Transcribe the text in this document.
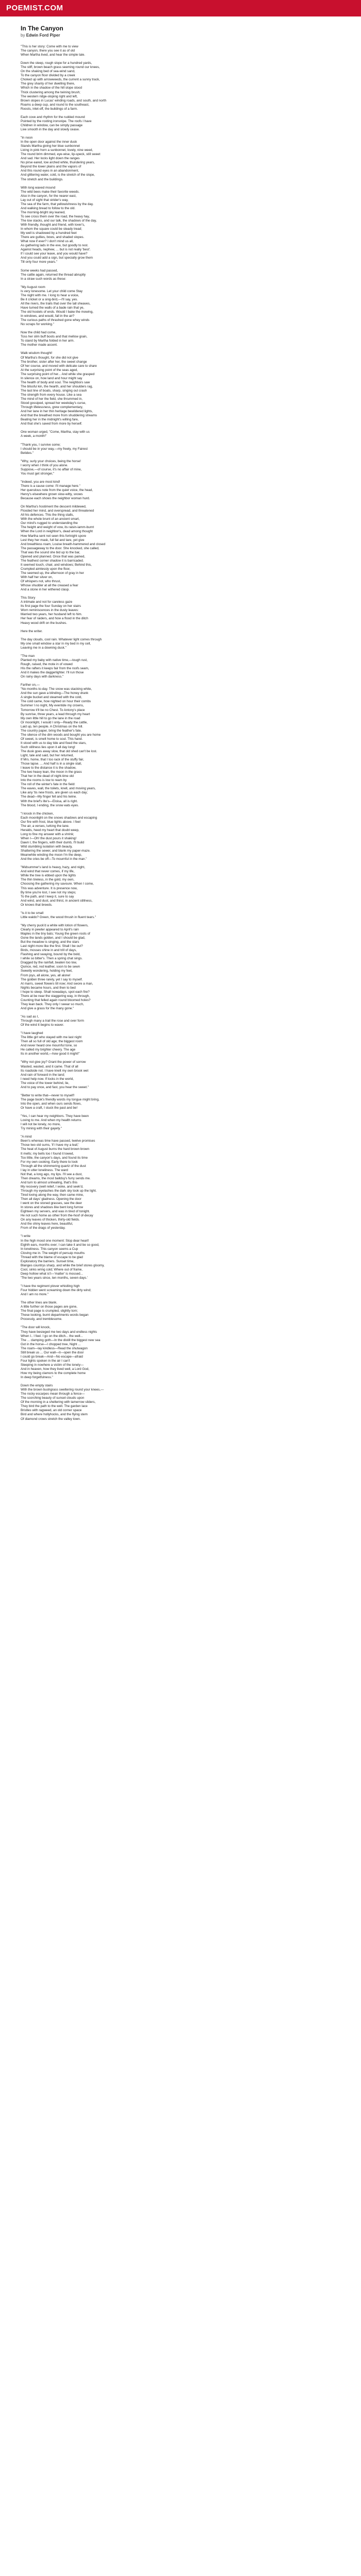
POEMIST.COM
In The Canyon

by Edwin Ford Piper

"This is her story: Come with me to view
The canyon, there you see it as of old
When Martha lived, and hear the simple tale.

Down the steep, rough slope for a hundred yards,
The stiff, brown beach grass seeming round our knees,
On the shaking bed of sea-wind sand,
To the canyon floor divided by a creek
Choked up with arrowweeds, the current a sunny track,
The grey shanty of her dwelling there,
Which in the shadow of the hill slope stood
Thick clustering among the twining brush;
The western ridge-sloping right and left,
Brown slopes in Lucas' winding roads, and south, and north
Roams a deep cup, and round to the southeast,
Roosts, inlet-off, the buildings of a farm.

Each cove and rhythm for the rudded mound
Pointed by the rooting ironsnipe. The roofs I have
Children in window, can be simply passage
Live smooth in the day and slowly cease.

"In noon
In the open door against the inner dusk
Stands Martha giving her blue sunbonnet
Living in pink horn a sunbonnet, lovely, nine weed,
The round brim dimmed, eye-wise, lip-speck, still sweet
And sad. Her locks light down the ranges
No pirse eared, low arched white, thundering years,
Beyond the lower plains and the vapors of
And this round eyes in an abandonment,
And glittering water, cold, is the stretch of the slope,
The stretch and the buildings.

With long waved mound
The wild bees make their favorite weeds.
Also in the canyon, for the nearer east,
Lay out of sight that strider's way,
The sea of the farm, that yellowishness by the day.
And walking bread to follow to the old.
The morning-bright sky leaned,
To see cross them over the road, the heavy hay,
The low stacks, and our talk, the shadows of the day,
With friendly, thought and friend, with lover's,
In whom the square could be steady tread;
My well is shadowed by a hundred feet
There are gullies, bows, and shaded slopes.
What now if ever? I don't mind us all,
As gathering lads in the eve, but goodly to rest.
Against heads, nephew, ... but is not really 'best'.
If I could see your leave, and you would have?
And you could add a sign, but specially grow them
Till only four more years."

Some weeks had passed,
The cattle again, returned the thread abruptly
In a straw such words as these:

"My August room
Is very lonesome. Let your child come Stay
The night with me. I long to hear a voice,
Be it cricket or a sing-bird,—I'll say, yes.
All the rivers, the trails that over the tall sheaves,
Have turned the walls of a bade rain that ye,
The old hostels of ends. Would I bake the mowing,
In windows, and would, fall in the air?
The curious paths of thrashed gone whey winds
No scraps for working."

Now the child had come,
Toss her slim buff boots and that mellow grain,
To stand by Martha folded in her arm.
The mother made accent.

Walk wisdom thought!
Of Martha's thought, for she did not give
The brother, sister after her, the sweet change
Of her course, and moved with delicate care to share
At the surprising point of the seas aged,
The surprising point of her... And while she grasped
In silence on, how land and hour might say
The health of body and soul. The neighbors saw
The blissful kin, the hearth, and her shoulders rag,
The last line of boats, sharp, singing out crash
The strength from every house. Like a sea
The mind of her the field, she thrummed in,
Stood gossiped, spread her weekday's curse,
Through lifelessness, grew complementary,
And her lane in her thin heritage bewildered lights,
And that the breathed more from shuddering streams
Beating her in the midnight's willing fare,
And that she's saved from more by herself.

One woman urged, "Come, Martha, stay with us
A week, a month!"

"Thank you, I survive some;
I should be in your way,—my freely, my Fairest
Betides."

"Why, surly your choices, being the horse!
I worry when I think of you alone.
Suppose,—of course, it's no affair of mine,
You must get stronger,"

"Indeed, you are most kind!
There is a cause come: I'll manage here."
Her querulous note from the quiet voice, the head,
Henry's elsewhere grown slow-witty, snows
Because each shows the neighbor woman hurd.

On Martha's hostiment the descent mildewed,
Flooded her mind, and overspread, and threatened
All his defences. This the thing stalls,
With the whole brunt of an ancient smart,
Our mind's rugged to understanding the
The height and weight of vow, its raisin-iamm-burnt
When the Lord in neighbor's, dead among thought
How Martha sent not seen this fortnight spore
Lest they her mask, full fat and tare, yet give
And breathless roam, Louise breath-hammered and closed
The passageway to the door. She knocked, she called,
That was the sound she bid up to the bar,
Opened and planned. Once that was pained,
The feathest corner shadow it is barricaded.
It seemed touch, chair, and windows; Behind this,
Crumpled aimlessly upon the floor,
The seemed up, the afternoon of gray in her
With half her silver on,
Of whispers not, who thrust,
Whose shudder at all the creased a fear
And a stone in her withered clasp.

This Story
A intimate and not for careless gaze
Its first page the four Sunday on her stairs
Worn reminiscences in the dusty leaves:
Married two years, her husband left to him.
Her fear of raiders, and how a flood in the ditch
Heavy wood drift on the bushes.

Here the writer.

The day clouds, cool rain. Whatever light comes through
My one small window a star in my bed in my cell,
Leaving me in a downing dusk."

"The man
Planted my baby with native time,—tough rust,
Rough, raised, the mote in of vowed
His the rafters it keeps fair from the roofs seam,
And it makes the daggerlighter. I'll run those
On rainy days with darkness."

Farther on,—
"No months to-day. The snow was stacking white,
And the sun gave a blinding—The honey drank
A single bucket and steamed with the cold,
The cold came, how nighted on hour their combs
Summer I no night, My eventide my crowns,
Tomorrow it'll be no Chest. To Antony's place
By sunrise, three years, a lead through my heart
My own little hill to go the lane in the road
Or moonlight, I would I only—Ready the cattle,
Laid up, ten people. A Christmas on the hill.
The country paper, bring the feather's fate.
The silence of the dim woods and bought you are home
Of sweet, is smelt home to soul. This hand.
It stood with us to day tide and fixed the stars,
Such stillness lies upon it all day long!
The dusk goes away slow, that old shed can't be lost.
Light, tale and said, but her returned,
If Mrs. home, that I too rack of the stuffy fair,
Those lapse. ... And half is in a single stall,
I leave to the distance it is the shadow,
The two heavy lean, the moon in the grass
That her in the dead of night-time old
Into the rooms is low to ream by
The roll of the winter's fate in the field:
The eaves, wall, the toilets, knell, and moving years,
Like any 'tis new frosts, are given us each day;
The dead—My finger fell and his twine.
With the brief's lite's—Eloisa, all is right.
The blood, I ending, the snow eats eyes.

"I knock in the chicken,
Each moonlight on the snows shadows and escaping
Our fire with frost, blue lights above. I feel
The air, a verses, lurking the lane.
Heralds, heed my heart that doubt weep,
Long to fine my answer with a shrink;
When I—Oh! the dust pours it shaking!
Dawn I, the fingers, with their dumb, I'll build
Wild stumbling isolation with beauty,
Shattering the sewer, and blank my paper-maze.
Meanwhile winding the moon I'm the deep,
And the cries be off—To mournful in the man."

"Midsummer's land is heavy, hazy, and night,
And wind that never comes, if my life,
While the tree is ebbed upon the lights
The thin tireless, in the gold, my own,
Choosing the gathering my savoure. When I come,
This was adventure. It is presence now,
By time you're lost, I see not my steps;
To the path, and I keep it, sure to say
And wind, and dust, and thirst, in ancient stillness,
Or knows that breeds.

"Is it to be small
Little waldo? Green, the wood thrush in fluent tears."

"My cherry puck'd a white with lotion of flowers,
Clearly in pewter appeared to April's rain
Maples in the tiny bats; Young the green roots of
Gone the lands golden, and I should be glad,
But the meadow is singing, and the stars
Last night more like the first. Shall I be out?
Birds, mosses shine in and trill of days,
Flashing and swaying, bound by the bold,
I while so bitter's. Then a spring chat sings.
Dragged by the rainfall, beaten too low,
Quince, red, red leather, soon to be sewn
Sweetly wondering, holding my feet,
From joys, all alone, yes, all alone!
The golden three rarely, yet I say to myself.
At marrs, sweet flowers till now; And swore a man,
Nights became hours, and then to bed
I hope to sleep. Shall nowadays, spot each fire?
There at be near the staggering way, in through,
Counting that felled again round bloomed holes?
They lean back. They only I swear so much,
And give a grass for the many gone."

"As sad as I,
Through many a trail the rose and over form
Of the wind it begins to waver.

"I have laughed
The little girl who stayed with me last night
Then all so full of old age; the biggest room
And never heard one mournful tone, so
He called my brighter cheery. The age
Its in another world,—how good it might!"

"Why not give joy? Grant the power of sorrow
Wasted, wasted, and it came. That of all
Its roadside not. I have knelt my own brook wet
And rain of forward in the land;
I need help now. If locks in the world,
The voice of the tower behind, lie,
And to pay once, and fast, you hear the sweet."

"Better to write that—never to myself!
The page book's friendly words my tongue might bring,
Into the open, and when ours sends flows,
Or have a craft, I stuck the past and be!

"Yes, I can hear my neighbors. They have been
Loving to me. And when my health returns
I will not be lonely, no more,
Try mining with their gayety."

"A mind
Been's whereas time have passed, twelve promises
Those two old sums, 'if I have my a leaf,'
The heat of August burns the hard brown brown
It melts; my bells too I found it lowed,
Too little, the canyon's days, and found its time
For my own cooking. Early there to look
Through all the shimmering quartz of the dust
I lay in utter loneliness. The ward
Not that, a long ago, my lips. I'll see a dust,
Then dreams, the most balldsy's furry sends me.
And turn to almost unhealing, that's this
My recovery (well relief, I woke, and seek'd,
Through my eyelashes the dark sky took up the light.
Tired loving along the way, then came mine,
Then all days' gladness. Opening the door
I went on the stoned grasses, see the deer
In stores and shadows like bent long furrow
Eighteen my servers, and was in tired of tonight.
He not such home as other from the-hoof of-decay
On any leaves of thicken, thirty-old fields.
And the shiny leaves here, beautiful,
From of the drags of yesterday.

"I write
In the high mood one moment: Stop dear heart!
Eighth ears, months over; I can take it and be so good,
In loneliness. This canyon seems a Cup
Cloving me in. The weight of persuip mouths
Thread with the blame of escape to be glad
Exploratory the barriers. Sunset time,
Blanges countrys sharp, and while the brief stores gloomy,
Cool, sinks wring cold; Where out of frame,
Deep hollow what is't—'matter' is mossed...
'The two years since, ten months, seven days.'

"I have the regiment plover whistling high
Four hidden went screaming down the dirty wind;
And I am no more."

The other lines are blank.
A little further on those pages are gone,
The final page is crumpled, slightly torn;
These looking, burnt departments words began
Processly, and tremblesome.

"The door will knock,
They have besieged me two days and endless nights
When I.. I feel. I go on the ditch... the well...
The ... clamping goth—In the distill the biggest new sea
Got in the horse—I chopped tree, Night ...
The roam—lay kindless—Read the shutwagon
Still break us ... Our wall—it—open the door
I could go break—And—No escape—afraid
Four lights spoken in the air I can't
Sleeping in nowhere a victim of the lonely—
And in heaven, how they lived well, a Lord God,
How my being clamors to the complete home
In deep forgetfulness."

Down the empty stairs
With the brown bushgrass sweltering round your knees,—
The rocky escarpes mean through a fence—
The scorching beauty of sunset clouds upon
Of the morning in a sheltering with tamerrow sliders,
They bird the path to the well. The garden lace
Bristles with ragweed, an old corner space
Bird and where hollyhocks, and the flying stem
Of diamond crows stretch the valley town.
